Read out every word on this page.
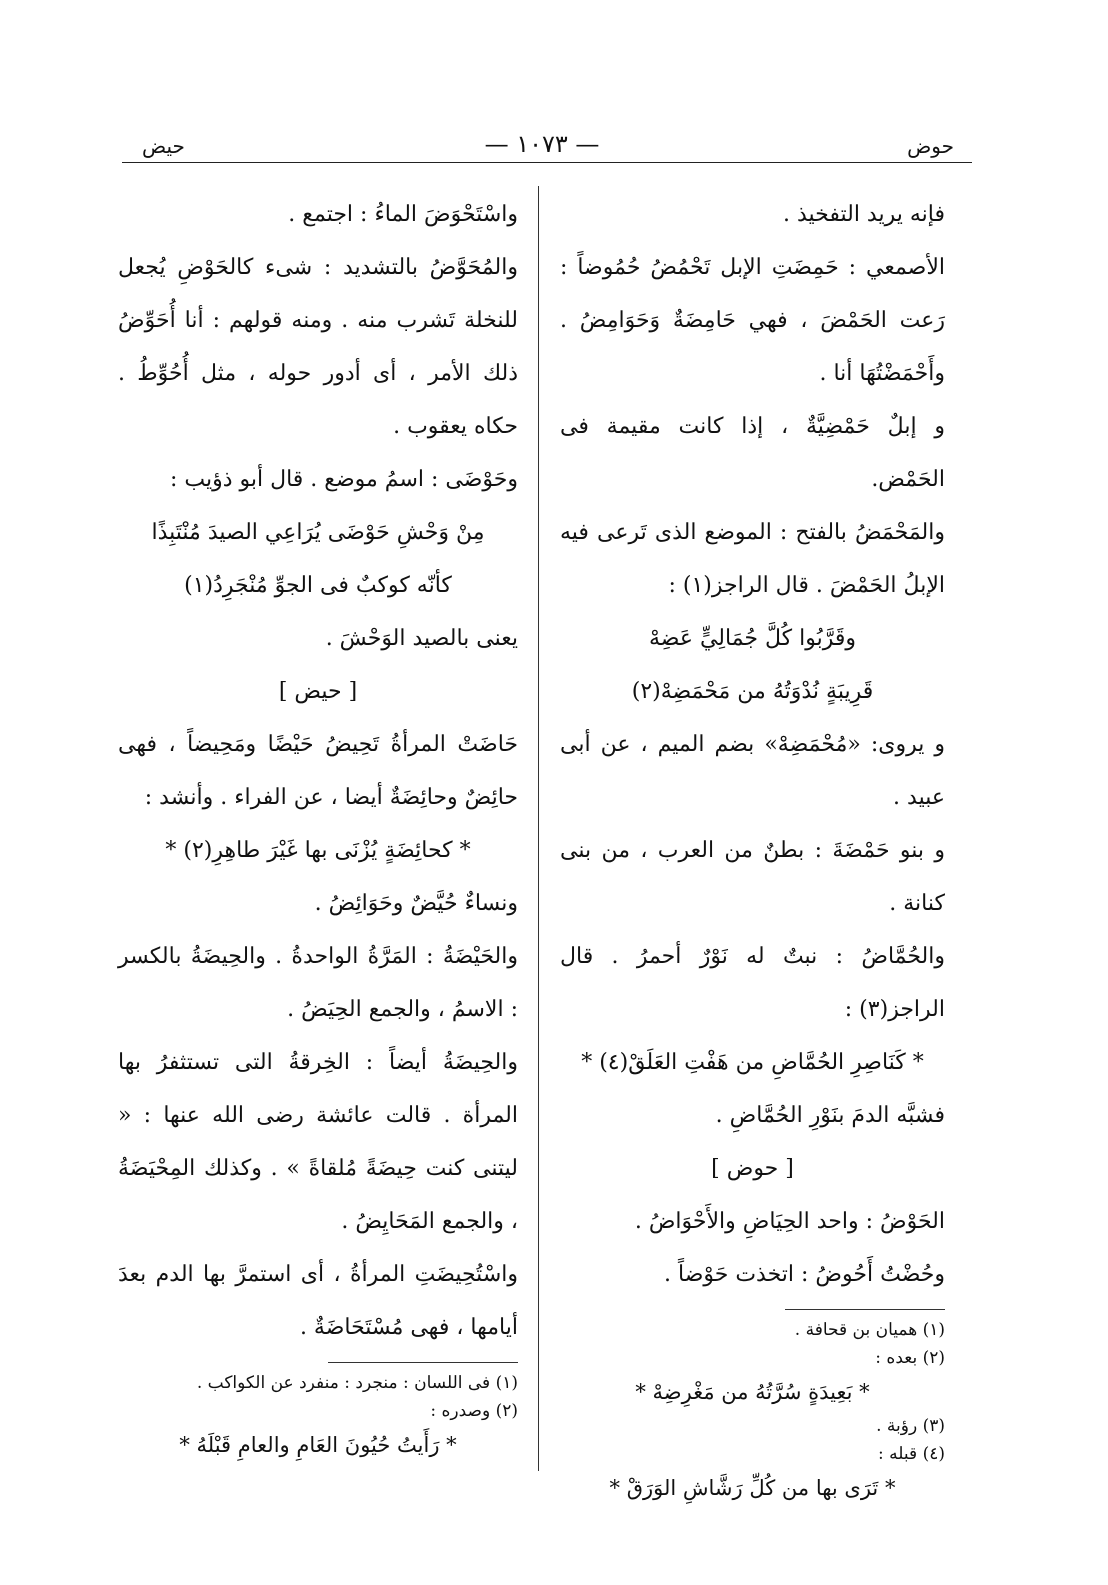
حوض
— ١٠٧٣ —
حيض

فإنه يريد التفخيذ .

الأصمعي : حَمِضَتِ الإبل تَحْمُضُ حُمُوضاً : رَعت الحَمْضَ ، فهي حَامِضَةٌ وَحَوَامِضُ . وأَحْمَضْتُهَا أنا .

و إبلٌ حَمْضِيَّةٌ ، إذا كانت مقيمة فى الحَمْض.

والمَحْمَضُ بالفتح : الموضع الذى تَرعى فيه الإبلُ الحَمْضَ . قال الراجز(١) :

وقَرَّبُوا كُلَّ جُمَالِيٍّ عَضِهْ

قَرِيبَةٍ نُدْوَتُهُ من مَحْمَضِهْ(٢)

و يروى: «مُحْمَضِهْ» بضم الميم ، عن أبى عبيد .

و بنو حَمْضَةَ : بطنٌ من العرب ، من بنى كنانة .

والحُمَّاضُ : نبتٌ له نَوْرٌ أحمرُ . قال الراجز(٣) :

* كَنَاصِرِ الحُمَّاضِ من هَفْتِ العَلَقْ(٤) *

فشبَّه الدمَ بنَوْرِ الحُمَّاضِ .

[ حوض ]

الحَوْضُ : واحد الحِيَاضِ والأَحْوَاضُ .

وحُضْتُ أَحُوضُ : اتخذت حَوْضاً .

(١) هميان بن قحافة .

(٢) بعده :

* بَعِيدَةٍ سُرَّتُهُ من مَغْرِضِهْ *

(٣) رؤبة .

(٤) قبله :

* تَرَى بها من كُلِّ رَشَّاشِ الوَرَقْ *

واسْتَحْوَضَ الماءُ : اجتمع .

والمُحَوَّضُ بالتشديد : شىء كالحَوْضِ يُجعل للنخلة تَشرب منه . ومنه قولهم : أنا أُحَوِّضُ ذلك الأمر ، أى أدور حوله ، مثل أُحُوِّطُ . حكاه يعقوب .

وحَوْضَى : اسمُ موضع . قال أبو ذؤيب :

مِنْ وَحْشِ حَوْضَى يُرَاعِي الصيدَ مُنْتَبِذًا

كأنّه كوكبٌ فى الجوِّ مُنْجَرِدُ(١)

يعنى بالصيد الوَحْشَ .

[ حيض ]

حَاضَتْ المرأةُ تَحِيضُ حَيْضًا ومَحِيضاً ، فهى حائِضٌ وحائِضَةٌ أيضا ، عن الفراء . وأنشد :

* كحائِضَةٍ يُزْنَى بها غَيْرَ طاهِرِ(٢) *

ونساءٌ حُيَّضٌ وحَوَائِضُ .

والحَيْضَةُ : المَرَّةُ الواحدةُ . والحِيضَةُ بالكسر : الاسمُ ، والجمع الحِيَضُ .

والحِيضَةُ أيضاً : الخِرقةُ التى تستثفرُ بها المرأة . قالت عائشة رضى الله عنها : « ليتنى كنت حِيضَةً مُلقاةً » . وكذلك المِحْيَضَةُ ، والجمع المَحَايِضُ .

واسْتُحِيضَتِ المرأةُ ، أى استمرَّ بها الدم بعدَ أيامها ، فهى مُسْتَحَاضَةٌ .

(١) فى اللسان : منجرد : منفرد عن الكواكب .

(٢) وصدره :

* رَأَيتُ حُيُونَ العَامِ والعامِ قَبْلَهُ *
